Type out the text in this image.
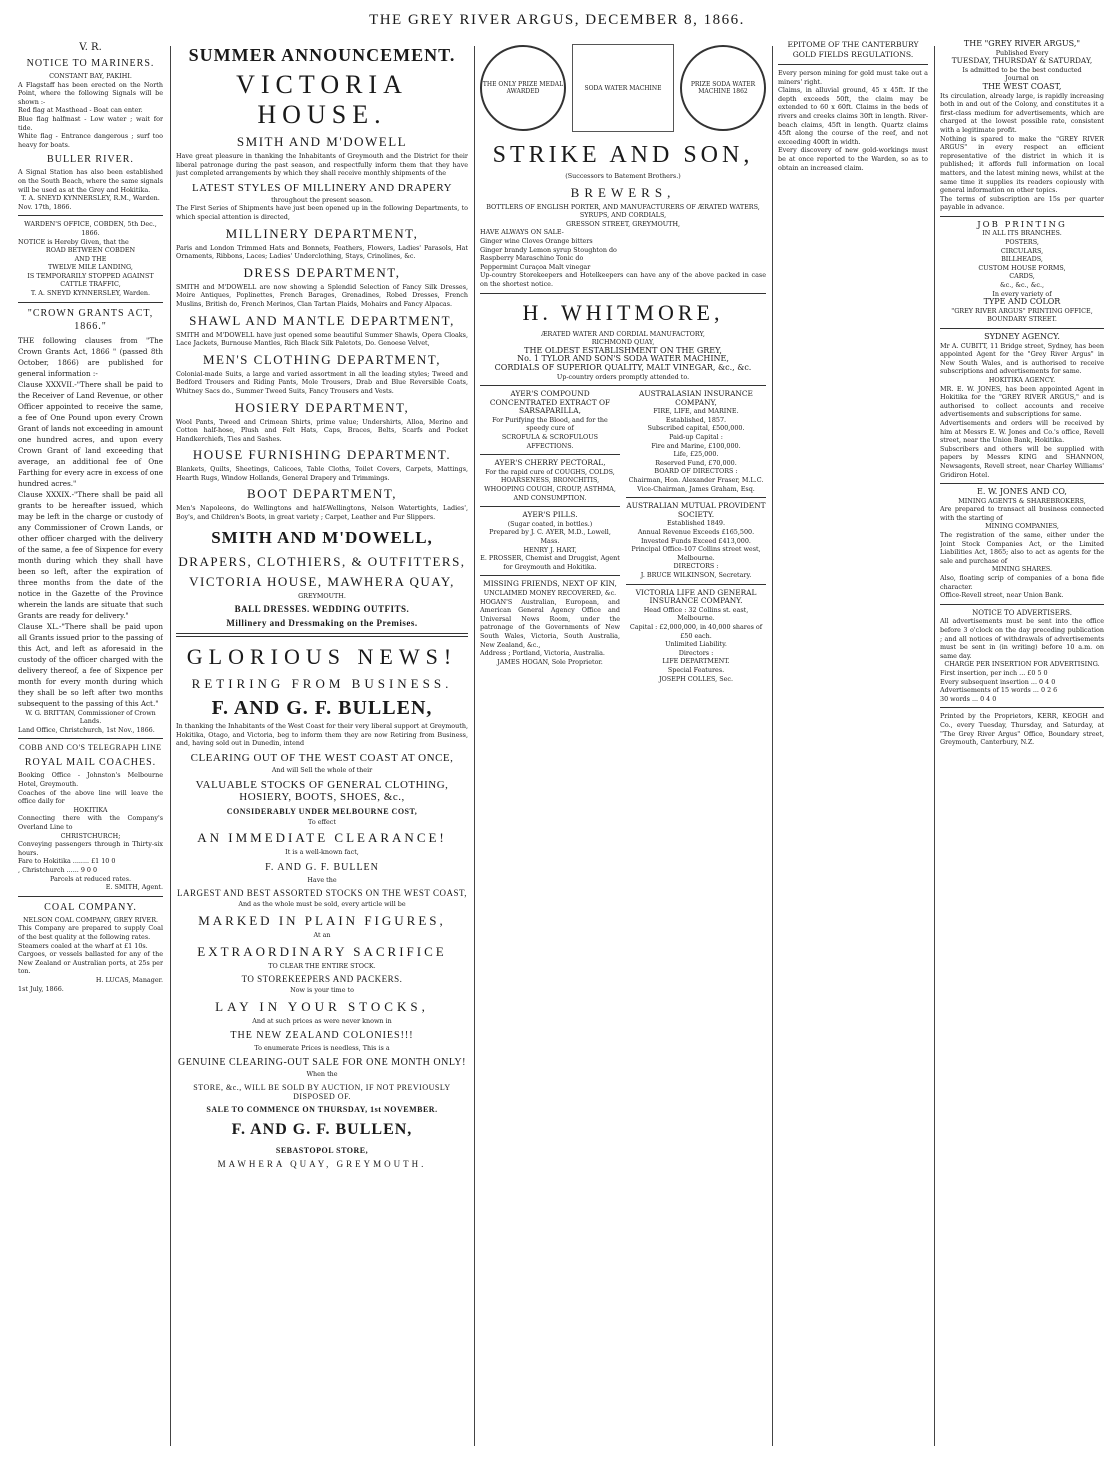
THE GREY RIVER ARGUS, DECEMBER 8, 1866.
V. R.
NOTICE TO MARINERS.
CONSTANT BAY, PAKIHI.

A Flagstaff has been erected on the North Point, where the following Signals will be shown :-

Red flag at Masthead - Boat can enter.

Blue flag halfmast - Low water ; wait for tide.

White flag - Entrance dangerous ; surf too heavy for boats.

BULLER RIVER.

A Signal Station has also been established on the South Beach, where the same signals will be used as at the Grey and Hokitika.

T. A. SNEYD KYNNERSLEY, R.M., Warden.

Nov. 17th, 1866.

WARDEN'S OFFICE, COBDEN, 5th Dec., 1866.

NOTICE is Hereby Given, that the

ROAD BETWEEN COBDEN

AND THE

TWELVE MILE LANDING,

IS TEMPORARILY STOPPED AGAINST CATTLE TRAFFIC,

T. A. SNEYD KYNNERSLEY, Warden.

"CROWN GRANTS ACT, 1866."

THE following clauses from "The Crown Grants Act, 1866 " (passed 8th October, 1866) are published for general information :-

Clause XXXVII.-"There shall be paid to the Receiver of Land Revenue, or other Officer appointed to receive the same, a fee of One Pound upon every Crown Grant of lands not exceeding in amount one hundred acres, and upon every Crown Grant of land exceeding that average, an additional fee of One Farthing for every acre in excess of one hundred acres."

Clause XXXIX.-"There shall be paid all grants to be hereafter issued, which may be left in the charge or custody of any Commissioner of Crown Lands, or other officer charged with the delivery of the same, a fee of Sixpence for every month during which they shall have been so left, after the expiration of three months from the date of the notice in the Gazette of the Province wherein the lands are situate that such Grants are ready for delivery."

Clause XL.-"There shall be paid upon all Grants issued prior to the passing of this Act, and left as aforesaid in the custody of the officer charged with the delivery thereof, a fee of Sixpence per month for every month during which they shall be so left after two months subsequent to the passing of this Act."

W. G. BRITTAN, Commissioner of Crown Lands.

Land Office, Christchurch, 1st Nov., 1866.

COBB AND CO'S TELEGRAPH LINE
ROYAL MAIL COACHES.

Booking Office - Johnston's Melbourne Hotel, Greymouth.

Coaches of the above line will leave the office daily for

HOKITIKA

Connecting there with the Company's Overland Line to

CHRISTCHURCH;

Conveying passengers through in Thirty-six hours.

Fare to Hokitika ........ £1 10 0

, Christchurch ...... 9 0 0

Parcels at reduced rates.

E. SMITH, Agent.

COAL COMPANY.

NELSON COAL COMPANY, GREY RIVER.

This Company are prepared to supply Coal of the best quality at the following rates.

Steamers coaled at the wharf at £1 10s.

Cargoes, or vessels ballasted for any of the New Zealand or Australian ports, at 25s per ton.

H. LUCAS, Manager.

1st July, 1866.

SUMMER ANNOUNCEMENT.
VICTORIA HOUSE.
SMITH AND M'DOWELL

Have great pleasure in thanking the Inhabitants of Greymouth and the District for their liberal patronage during the past season, and respectfully inform them that they have just completed arrangements by which they shall receive monthly shipments of the

LATEST STYLES OF MILLINERY AND DRAPERY

throughout the present season.

The First Series of Shipments have just been opened up in the following Departments, to which special attention is directed,

MILLINERY DEPARTMENT,

Paris and London Trimmed Hats and Bonnets, Feathers, Flowers, Ladies' Parasols, Hat Ornaments, Ribbons, Laces; Ladies' Underclothing, Stays, Crinolines, &c.

DRESS DEPARTMENT,

SMITH and M'DOWELL are now showing a Splendid Selection of Fancy Silk Dresses, Moire Antiques, Poplinettes, French Barages, Grenadines, Robed Dresses, French Muslins, British do, French Merinos, Clan Tartan Plaids, Mohairs and Fancy Alpacas.

SHAWL AND MANTLE DEPARTMENT,

SMITH and M'DOWELL have just opened some beautiful Summer Shawls, Opera Cloaks, Lace Jackets, Burnouse Mantles, Rich Black Silk Paletots, Do. Genoese Velvet,

MEN'S CLOTHING DEPARTMENT,

Colonial-made Suits, a large and varied assortment in all the leading styles; Tweed and Bedford Trousers and Riding Pants, Mole Trousers, Drab and Blue Reversible Coats, Whitney Sacs do., Summer Tweed Suits, Fancy Trousers and Vests.

HOSIERY DEPARTMENT,

Wool Pants, Tweed and Crimean Shirts, prime value; Undershirts, Alloa, Merino and Cotton half-hose, Plush and Felt Hats, Caps, Braces, Belts, Scarfs and Pocket Handkerchiefs, Ties and Sashes.

HOUSE FURNISHING DEPARTMENT.

Blankets, Quilts, Sheetings, Calicoes, Table Cloths, Toilet Covers, Carpets, Mattings, Hearth Rugs, Window Hollands, General Drapery and Trimmings.

BOOT DEPARTMENT,

Men's Napoleons, do Wellingtons and half-Wellingtons, Nelson Watertights, Ladies', Boy's, and Children's Boots, in great variety ; Carpet, Leather and Fur Slippers.

SMITH AND M'DOWELL,
DRAPERS, CLOTHIERS, & OUTFITTERS,
VICTORIA HOUSE, MAWHERA QUAY,

GREYMOUTH.

BALL DRESSES. WEDDING OUTFITS.
Millinery and Dressmaking on the Premises.
GLORIOUS NEWS!
RETIRING FROM BUSINESS.
F. AND G. F. BULLEN,

In thanking the Inhabitants of the West Coast for their very liberal support at Greymouth, Hokitika, Otago, and Victoria, beg to inform them they are now Retiring from Business, and, having sold out in Dunedin, intend

CLEARING OUT OF THE WEST COAST AT ONCE,

And will Sell the whole of their

VALUABLE STOCKS OF GENERAL CLOTHING, HOSIERY, BOOTS, SHOES, &c.,
CONSIDERABLY UNDER MELBOURNE COST,

To effect

AN IMMEDIATE CLEARANCE!

It is a well-known fact,

F. AND G. F. BULLEN

Have the

LARGEST AND BEST ASSORTED STOCKS ON THE WEST COAST,

And as the whole must be sold, every article will be

MARKED IN PLAIN FIGURES,

At an

EXTRAORDINARY SACRIFICE

TO CLEAR THE ENTIRE STOCK.

TO STOREKEEPERS AND PACKERS.

Now is your time to

LAY IN YOUR STOCKS,

And at such prices as were never known in

THE NEW ZEALAND COLONIES!!!

To enumerate Prices is needless, This is a

GENUINE CLEARING-OUT SALE FOR ONE MONTH ONLY!

When the

STORE, &c., WILL BE SOLD BY AUCTION, IF NOT PREVIOUSLY DISPOSED OF.
SALE TO COMMENCE ON THURSDAY, 1st NOVEMBER.
F. AND G. F. BULLEN,
SEBASTOPOL STORE,
MAWHERA QUAY, GREYMOUTH.
THE ONLY PRIZE MEDAL AWARDED	SODA WATER MACHINE	PRIZE SODA WATER MACHINE 1862
STRIKE AND SON,

(Successors to Batement Brothers.)

BREWERS,

BOTTLERS OF ENGLISH PORTER, AND MANUFACTURERS OF ÆRATED WATERS, SYRUPS, AND CORDIALS,

GRESSON STREET, GREYMOUTH,

HAVE ALWAYS ON SALE-

Ginger wine Cloves Orange bitters

Ginger brandy Lemon syrup Stoughton do

Raspberry Maraschino Tonic do

Peppermint Curaçoa Malt vinegar

Up-country Storekeepers and Hotelkeepers can have any of the above packed in case on the shortest notice.

H. WHITMORE,

ÆRATED WATER AND CORDIAL MANUFACTORY,

RICHMOND QUAY,

THE OLDEST ESTABLISHMENT ON THE GREY,

No. 1 TYLOR AND SON'S SODA WATER MACHINE,

CORDIALS OF SUPERIOR QUALITY, MALT VINEGAR, &c., &c.

Up-country orders promptly attended to.

AYER'S COMPOUND CONCENTRATED EXTRACT OF SARSAPARILLA,

For Purifying the Blood, and for the speedy cure of

SCROFULA & SCROFULOUS AFFECTIONS.

AYER'S CHERRY PECTORAL,

For the rapid cure of COUGHS, COLDS, HOARSENESS, BRONCHITIS, WHOOPING COUGH, CROUP, ASTHMA, AND CONSUMPTION.

AYER'S PILLS.

(Sugar coated, in bottles.)

Prepared by J. C. AYER, M.D., Lowell, Mass.

HENRY J. HART,

E. PROSSER, Chemist and Druggist, Agent for Greymouth and Hokitika.

MISSING FRIENDS, NEXT OF KIN,

UNCLAIMED MONEY RECOVERED, &c.

HOGAN'S Australian, European, and American General Agency Office and Universal News Room, under the patronage of the Governments of New South Wales, Victoria, South Australia, New Zealand, &c.,

Address ; Portland, Victoria, Australia.

JAMES HOGAN, Sole Proprietor.

AUSTRALASIAN INSURANCE COMPANY,

FIRE, LIFE, and MARINE.

Established, 1857.

Subscribed capital, £500,000.

Paid-up Capital :

Fire and Marine, £100,000.

Life, £25,000.

Reserved Fund, £70,000.

BOARD OF DIRECTORS :

Chairman, Hon. Alexander Fraser, M.L.C.

Vice-Chairman, James Graham, Esq.

AUSTRALIAN MUTUAL PROVIDENT SOCIETY.

Established 1849.

Annual Revenue Exceeds £165,500. Invested Funds Exceed £413,000.

Principal Office-107 Collins street west, Melbourne.

DIRECTORS :

J. BRUCE WILKINSON, Secretary.

VICTORIA LIFE AND GENERAL INSURANCE COMPANY.

Head Office : 32 Collins st. east, Melbourne.

Capital : £2,000,000, in 40,000 shares of £50 each.

Unlimited Liability.

Directors :

LIFE DEPARTMENT.

Special Features.

JOSEPH COLLES, Sec.

EPITOME OF THE CANTERBURY GOLD FIELDS REGULATIONS.

Every person mining for gold must take out a miners' right.

Claims, in alluvial ground, 45 x 45ft. If the depth exceeds 50ft, the claim may be extended to 60 x 60ft. Claims in the beds of rivers and creeks claims 30ft in length. River-beach claims, 45ft in length. Quartz claims 45ft along the course of the reef, and not exceeding 400ft in width.

Every discovery of new gold-workings must be at once reported to the Warden, so as to obtain an increased claim.

THE "GREY RIVER ARGUS,"

Published Every

TUESDAY, THURSDAY & SATURDAY,

Is admitted to be the best conducted

Journal on

THE WEST COAST,

Its circulation, already large, is rapidly increasing both in and out of the Colony, and constitutes it a first-class medium for advertisements, which are charged at the lowest possible rate, consistent with a legitimate profit.

Nothing is spared to make the "GREY RIVER ARGUS" in every respect an efficient representative of the district in which it is published; it affords full information on local matters, and the latest mining news, whilst at the same time it supplies its readers copiously with general information on other topics.

The terms of subscription are 15s per quarter payable in advance.

JOB PRINTING

IN ALL ITS BRANCHES.

POSTERS,

CIRCULARS,

BILLHEADS,

CUSTOM HOUSE FORMS,

CARDS,

&c., &c., &c.,

In every variety of

TYPE AND COLOR

"GREY RIVER ARGUS" PRINTING OFFICE,

BOUNDARY STREET.

SYDNEY AGENCY.

Mr A. CUBITT, 11 Bridge street, Sydney, has been appointed Agent for the "Grey River Argus" in New South Wales, and is authorised to receive subscriptions and advertisements for same.

HOKITIKA AGENCY.

MR. E. W. JONES, has been appointed Agent in Hokitika for the "GREY RIVER ARGUS," and is authorised to collect accounts and receive advertisements and subscriptions for same.

Advertisements and orders will be received by him at Messrs E. W. Jones and Co.'s office, Revell street, near the Union Bank, Hokitika.

Subscribers and others will be supplied with papers by Messrs KING and SHANNON, Newsagents, Revell street, near Charley Williams' Gridiron Hotel.

E. W. JONES AND CO,

MINING AGENTS & SHAREBROKERS,

Are prepared to transact all business connected with the starting of

MINING COMPANIES,

The registration of the same, either under the Joint Stock Companies Act, or the Limited Liabilities Act, 1865; also to act as agents for the sale and purchase of

MINING SHARES.

Also, floating scrip of companies of a bona fide character.

Office-Revell street, near Union Bank.

NOTICE TO ADVERTISERS.

All advertisements must be sent into the office before 3 o'clock on the day preceding publication ; and all notices of withdrawals of advertisements must be sent in (in writing) before 10 a.m. on same day.

CHARGE PER INSERTION FOR ADVERTISING.

First insertion, per inch ... £0 5 0

Every subsequent insertion ... 0 4 0

Advertisements of 15 words ... 0 2 6

30 words ... 0 4 0

Printed by the Proprietors, KERR, KEOGH and Co., every Tuesday, Thursday, and Saturday, at "The Grey River Argus" Office, Boundary street, Greymouth, Canterbury, N.Z.
